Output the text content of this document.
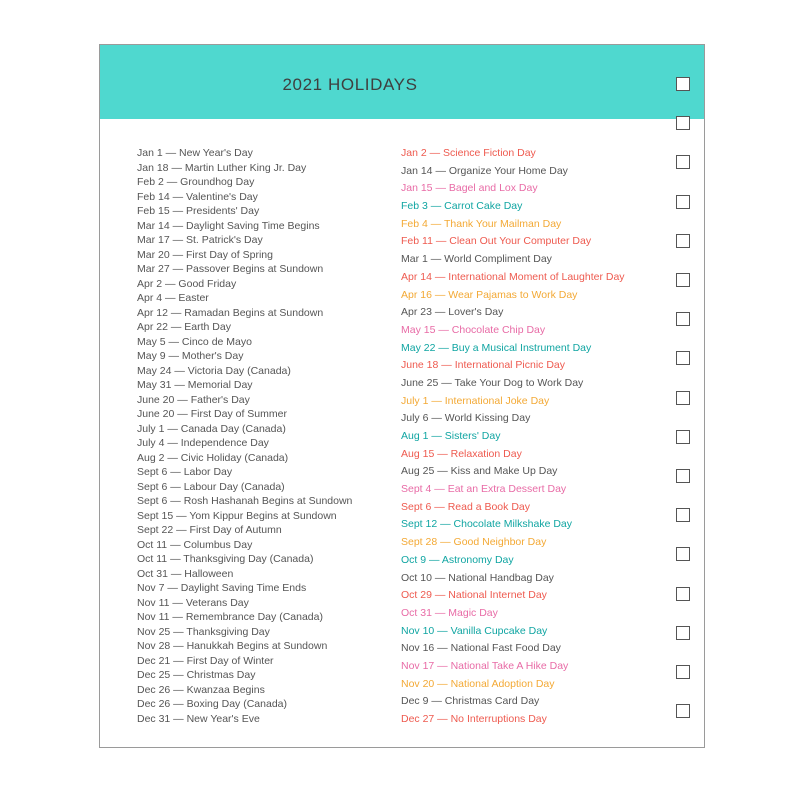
2021 HOLIDAYS
Jan 1 — New Year's Day
Jan 18 — Martin Luther King Jr. Day
Feb 2 — Groundhog Day
Feb 14 — Valentine's Day
Feb 15 — Presidents' Day
Mar 14 — Daylight Saving Time Begins
Mar 17 — St. Patrick's Day
Mar 20 — First Day of Spring
Mar 27 — Passover Begins at Sundown
Apr 2 — Good Friday
Apr 4 — Easter
Apr 12 — Ramadan Begins at Sundown
Apr 22 — Earth Day
May 5 — Cinco de Mayo
May 9 — Mother's Day
May 24 — Victoria Day (Canada)
May 31 — Memorial Day
June 20 — Father's Day
June 20 — First Day of Summer
July 1 — Canada Day (Canada)
July 4 — Independence Day
Aug 2 — Civic Holiday (Canada)
Sept 6 — Labor Day
Sept 6 — Labour Day (Canada)
Sept 6 — Rosh Hashanah Begins at Sundown
Sept 15 — Yom Kippur Begins at Sundown
Sept 22 — First Day of Autumn
Oct 11 — Columbus Day
Oct 11 — Thanksgiving Day (Canada)
Oct 31 — Halloween
Nov 7 — Daylight Saving Time Ends
Nov 11 — Veterans Day
Nov 11 — Remembrance Day (Canada)
Nov 25 — Thanksgiving Day
Nov 28 — Hanukkah Begins at Sundown
Dec 21 — First Day of Winter
Dec 25 — Christmas Day
Dec 26 — Kwanzaa Begins
Dec 26 — Boxing Day (Canada)
Dec 31 — New Year's Eve
Jan 2 — Science Fiction Day
Jan 14 — Organize Your Home Day
Jan 15 — Bagel and Lox Day
Feb 3 — Carrot Cake Day
Feb 4 — Thank Your Mailman Day
Feb 11 — Clean Out Your Computer Day
Mar 1 — World Compliment Day
Apr 14 — International Moment of Laughter Day
Apr 16 — Wear Pajamas to Work Day
Apr 23 — Lover's Day
May 15 — Chocolate Chip Day
May 22 — Buy a Musical Instrument Day
June 18 — International Picnic Day
June 25 — Take Your Dog to Work Day
July 1 — International Joke Day
July 6 — World Kissing Day
Aug 1 — Sisters' Day
Aug 15 — Relaxation Day
Aug 25 — Kiss and Make Up Day
Sept 4 — Eat an Extra Dessert Day
Sept 6 — Read a Book Day
Sept 12 — Chocolate Milkshake Day
Sept 28 — Good Neighbor Day
Oct 9 — Astronomy Day
Oct 10 — National Handbag Day
Oct 29 — National Internet Day
Oct 31 — Magic Day
Nov 10 — Vanilla Cupcake Day
Nov 16 — National Fast Food Day
Nov 17 — National Take A Hike Day
Nov 20 — National Adoption Day
Dec 9 — Christmas Card Day
Dec 27 — No Interruptions Day
